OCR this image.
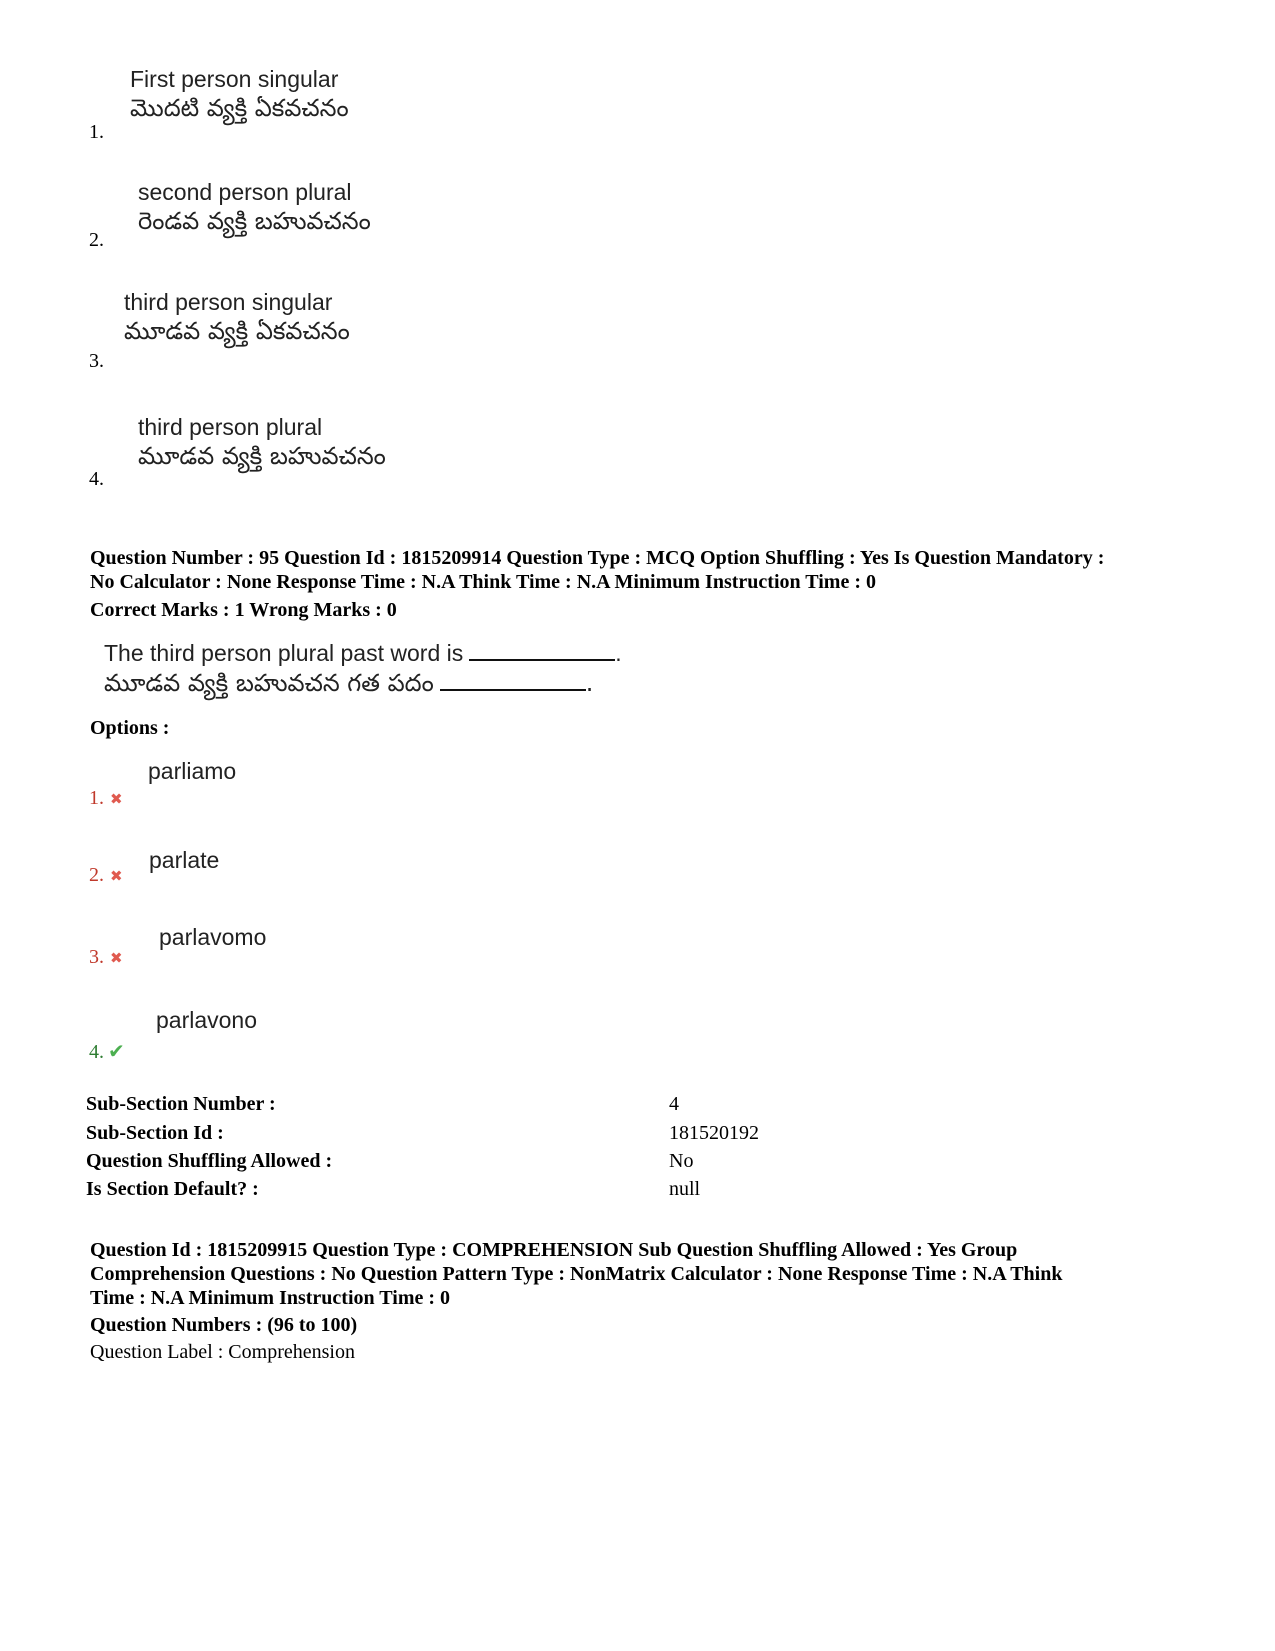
First person singular
మొదటి వ్యక్తి ఏకవచనం
1.
second person plural
రెండవ వ్యక్తి బహువచనం
2.
third person singular
మూడవ వ్యక్తి ఏకవచనం
3.
third person plural
మూడవ వ్యక్తి బహువచనం
4.
Question Number : 95 Question Id : 1815209914 Question Type : MCQ Option Shuffling : Yes Is Question Mandatory :
No Calculator : None Response Time : N.A Think Time : N.A Minimum Instruction Time : 0
Correct Marks : 1 Wrong Marks : 0
The third person plural past word is	.
మూడవ వ్యక్తి బహువచన గత పదం	.
Options :
parliamo
1. ✖
parlate
2. ✖
parlavomo
3. ✖
parlavono
4. ✔
Sub-Section Number :	4
Sub-Section Id :	181520192
Question Shuffling Allowed :	No
Is Section Default? :	null
Question Id : 1815209915 Question Type : COMPREHENSION Sub Question Shuffling Allowed : Yes Group
Comprehension Questions : No Question Pattern Type : NonMatrix Calculator : None Response Time : N.A Think
Time : N.A Minimum Instruction Time : 0
Question Numbers : (96 to 100)
Question Label : Comprehension
